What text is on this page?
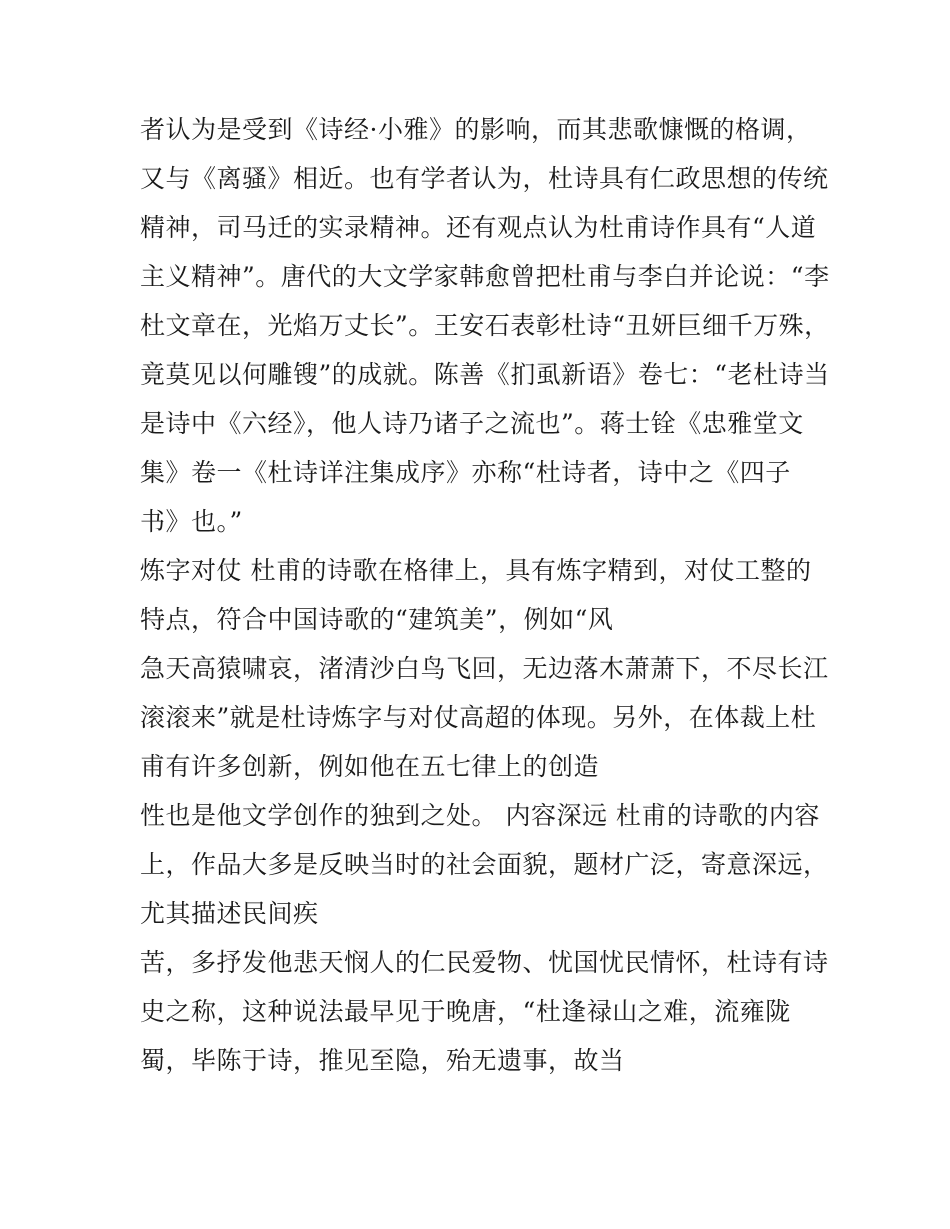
者认为是受到《诗经·小雅》的影响，而其悲歌慷慨的格调，
又与《离骚》相近。也有学者认为，杜诗具有仁政思想的传统
精神，司马迁的实录精神。还有观点认为杜甫诗作具有“人道
主义精神”。唐代的大文学家韩愈曾把杜甫与李白并论说：“李
杜文章在，光焰万丈长”。王安石表彰杜诗“丑妍巨细千万殊，
竟莫见以何雕锼”的成就。陈善《扪虱新语》卷七：“老杜诗当
是诗中《六经》，他人诗乃诸子之流也”。蒋士铨《忠雅堂文
集》卷一《杜诗详注集成序》亦称“杜诗者，诗中之《四子
书》也。”
炼字对仗 杜甫的诗歌在格律上，具有炼字精到，对仗工整的
特点，符合中国诗歌的“建筑美”，例如“风
急天高猿啸哀，渚清沙白鸟飞回，无边落木萧萧下，不尽长江
滚滚来”就是杜诗炼字与对仗高超的体现。另外，在体裁上杜
甫有许多创新，例如他在五七律上的创造
性也是他文学创作的独到之处。 内容深远 杜甫的诗歌的内容
上，作品大多是反映当时的社会面貌，题材广泛，寄意深远，
尤其描述民间疾
苦，多抒发他悲天悯人的仁民爱物、忧国忧民情怀，杜诗有诗
史之称，这种说法最早见于晚唐，“杜逢禄山之难，流雍陇
蜀，毕陈于诗，推见至隐，殆无遗事，故当
